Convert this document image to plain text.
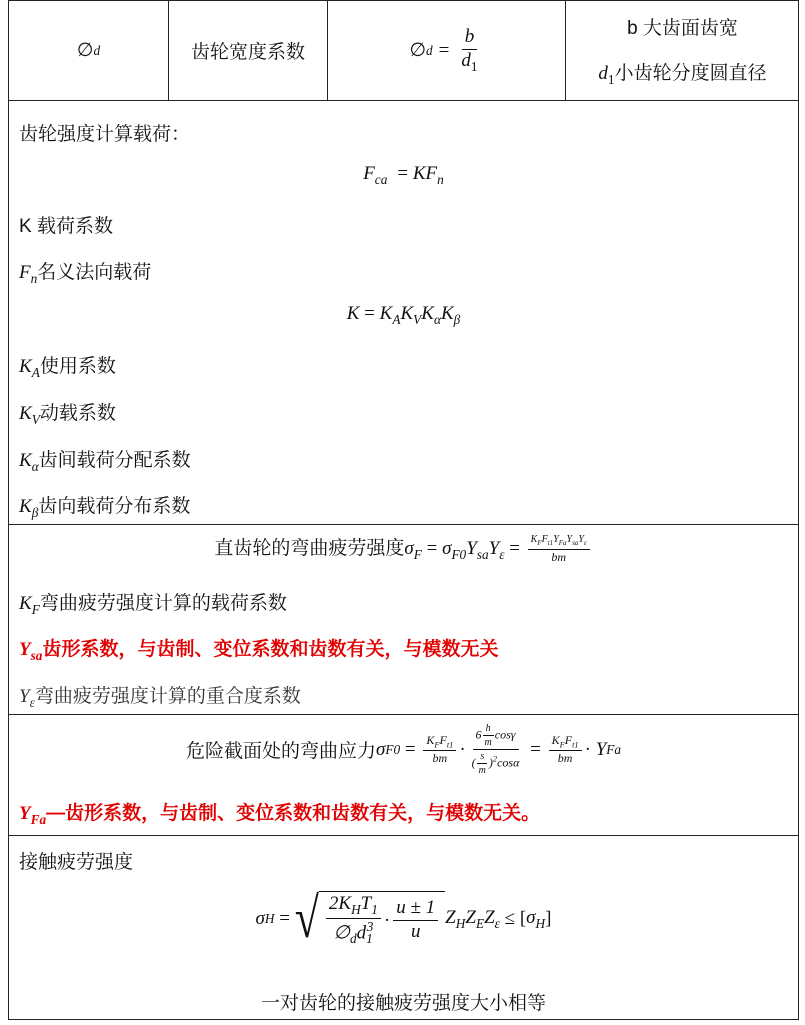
∅ d	齿轮宽度系数	∅ $d = \frac{b}{d_1}$	b 大齿面齿宽
$d_1$小齿轮分度圆直径
齿轮强度计算载荷：
$F_{ca} = KF_n$
K 载荷系数
$F_n$名义法向载荷
$K = K_AK_VK_\alpha K_\beta$
$K_A$使用系数
$K_V$动载系数
$K_\alpha$齿间载荷分配系数
$K_\beta$齿向载荷分布系数
直齿轮的弯曲疲劳强度$\sigma_F = \sigma_{F0}Y_{sa}Y_\varepsilon = \frac{K_FF_{t1}Y_{Fa}Y_{sa}Y_\varepsilon}{bm}$
$K_F$弯曲疲劳强度计算的载荷系数
$Y_{sa}$齿形系数，与齿制、变位系数和齿数有关，与模数无关
$Y_\varepsilon$弯曲疲劳强度计算的重合度系数
危险截面处的弯曲应力 σ $F0 = \frac{K_FF_{t1}}{bm} \cdot \frac{6 \frac{h}{m} \cos\gamma}{( \frac{s}{m} )^2\cos\alpha} = \frac{K_FF_{t1}}{bm} \cdot Y$ Fa
$Y_{Fa}—$齿形系数，与齿制、变位系数和齿数有关，与模数无关。
接触疲劳强度
σ H = √ $\frac{2K_HT_1}{\emptyset_dd_1^3} \cdot \frac{u \pm 1}{u} Z_HZ_EZ_\varepsilon$ ≤ [ $\sigma_H$ ]
一对齿轮的接触疲劳强度大小相等
